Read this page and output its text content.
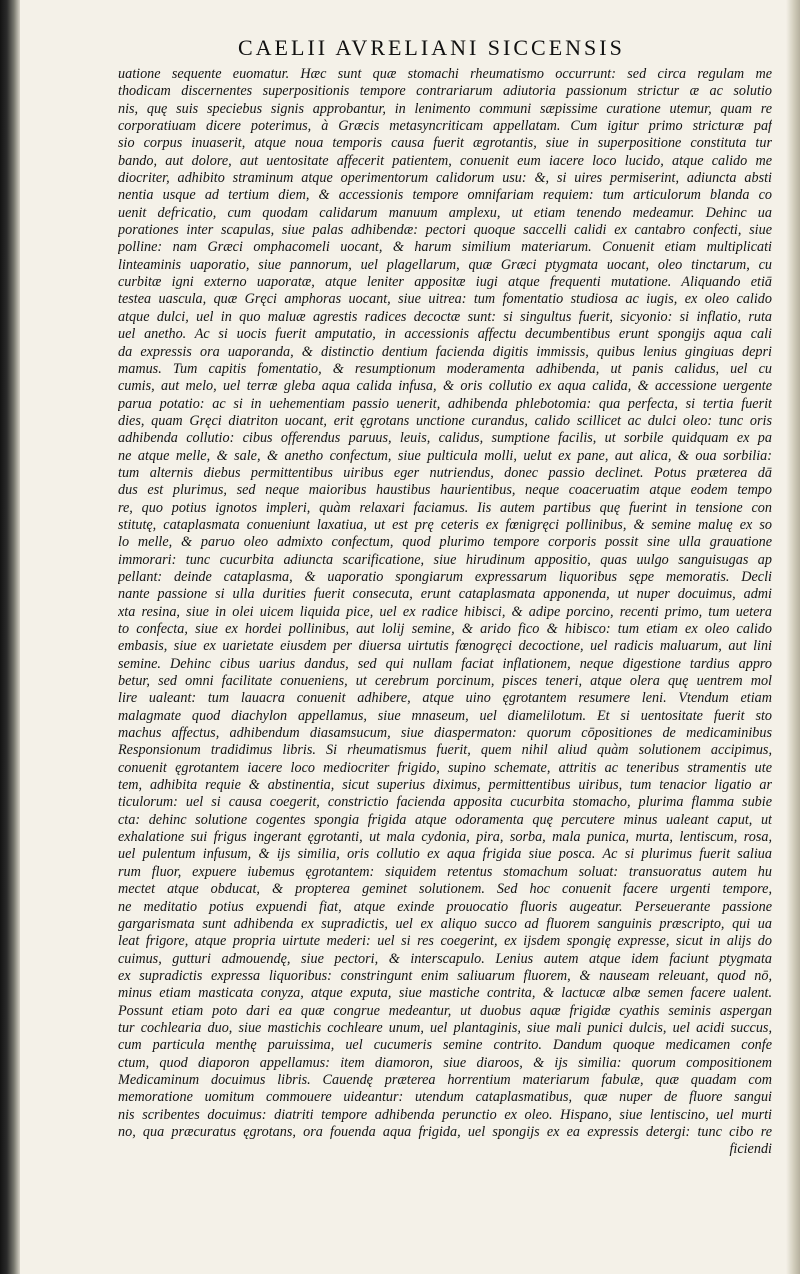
CAELII AVRELIANI SICCENSIS
uatione sequente euomatur. Hæc sunt quæ stomachi rheumatismo occurrunt: sed circa regulam me
thodicam discernentes superpositionis tempore contrariarum adiutoria passionum strictur æ ac solutio
nis, quę suis speciebus signis approbantur, in lenimento communi sæpissime curatione utemur, quam re
corporatiuam dicere poterimus, à Græcis metasyncriticam appellatam. Cum igitur primo stricturæ paf
sio corpus inuaserit, atque noua temporis causa fuerit ægrotantis, siue in superpositione constituta tur
bando, aut dolore, aut uentositate affecerit patientem, conuenit eum iacere loco lucido, atque calido me
diocriter, adhibito straminum atque operimentorum calidorum usu: &, si uires permiserint, adiuncta absti
nentia usque ad tertium diem, & accessionis tempore omnifariam requiem: tum articulorum blanda co
uenit defricatio, cum quodam calidarum manuum amplexu, ut etiam tenendo medeamur. Dehinc ua
porationes inter scapulas, siue palas adhibendæ: pectori quoque saccelli calidi ex cantabro confecti, siue
polline: nam Græci omphacomeli uocant, & harum similium materiarum. Conuenit etiam multiplicati
linteaminis uaporatio, siue pannorum, uel plagellarum, quæ Græci ptygmata uocant, oleo tinctarum, cu
curbitæ igni externo uaporatæ, atque leniter appositæ iugi atque frequenti mutatione. Aliquando etiā
testea uascula, quæ Gręci amphoras uocant, siue uitrea: tum fomentatio studiosa ac iugis, ex oleo calido
atque dulci, uel in quo maluæ agrestis radices decoctæ sunt: si singultus fuerit, sicyonio: si inflatio, ruta
uel anetho. Ac si uocis fuerit amputatio, in accessionis affectu decumbentibus erunt spongijs aqua cali
da expressis ora uaporanda, & distinctio dentium facienda digitis immissis, quibus lenius gingiuas depri
mamus. Tum capitis fomentatio, & resumptionum moderamenta adhibenda, ut panis calidus, uel cu
cumis, aut melo, uel terræ gleba aqua calida infusa, & oris collutio ex aqua calida, & accessione uergente
parua potatio: ac si in uehementiam passio uenerit, adhibenda phlebotomia: qua perfecta, si tertia fuerit
dies, quam Gręci diatriton uocant, erit ęgrotans unctione curandus, calido scillicet ac dulci oleo: tunc oris
adhibenda collutio: cibus offerendus paruus, leuis, calidus, sumptione facilis, ut sorbile quidquam ex pa
ne atque melle, & sale, & anetho confectum, siue pulticula molli, uelut ex pane, aut alica, & oua sorbilia:
tum alternis diebus permittentibus uiribus eger nutriendus, donec passio declinet. Potus præterea dā
dus est plurimus, sed neque maioribus haustibus haurientibus, neque coaceruatim atque eodem tempo
re, quo potius ignotos impleri, quàm relaxari faciamus. Iis autem partibus quę fuerint in tensione con
stitutę, cataplasmata conueniunt laxatiua, ut est prę ceteris ex fœnigręci pollinibus, & semine maluę ex so
lo melle, & paruo oleo admixto confectum, quod plurimo tempore corporis possit sine ulla grauatione
immorari: tunc cucurbita adiuncta scarificatione, siue hirudinum appositio, quas uulgo sanguisugas ap
pellant: deinde cataplasma, & uaporatio spongiarum expressarum liquoribus sępe memoratis. Decli
nante passione si ulla durities fuerit consecuta, erunt cataplasmata apponenda, ut nuper docuimus, admi
xta resina, siue in olei uicem liquida pice, uel ex radice hibisci, & adipe porcino, recenti primo, tum uetera
to confecta, siue ex hordei pollinibus, aut lolij semine, & arido fico & hibisco: tum etiam ex oleo calido
embasis, siue ex uarietate eiusdem per diuersa uirtutis fœnogręci decoctione, uel radicis maluarum, aut lini
semine. Dehinc cibus uarius dandus, sed qui nullam faciat inflationem, neque digestione tardius appro
betur, sed omni facilitate conueniens, ut cerebrum porcinum, pisces teneri, atque olera quę uentrem mol
lire ualeant: tum lauacra conuenit adhibere, atque uino ęgrotantem resumere leni. Vtendum etiam
malagmate quod diachylon appellamus, siue mnaseum, uel diamelilotum. Et si uentositate fuerit sto
machus affectus, adhibendum diasamsucum, siue diaspermaton: quorum cōpositiones de medicaminibus
Responsionum tradidimus libris. Si rheumatismus fuerit, quem nihil aliud quàm solutionem accipimus,
conuenit ęgrotantem iacere loco mediocriter frigido, supino schemate, attritis ac teneribus stramentis ute
tem, adhibita requie & abstinentia, sicut superius diximus, permittentibus uiribus, tum tenacior ligatio ar
ticulorum: uel si causa coegerit, constrictio facienda apposita cucurbita stomacho, plurima flamma subie
cta: dehinc solutione cogentes spongia frigida atque odoramenta quę percutere minus ualeant caput, ut
exhalatione sui frigus ingerant ęgrotanti, ut mala cydonia, pira, sorba, mala punica, murta, lentiscum, rosa,
uel pulentum infusum, & ijs similia, oris collutio ex aqua frigida siue posca. Ac si plurimus fuerit saliua
rum fluor, expuere iubemus ęgrotantem: siquidem retentus stomachum soluat: transuoratus autem hu
mectet atque obducat, & propterea geminet solutionem. Sed hoc conuenit facere urgenti tempore,
ne meditatio potius expuendi fiat, atque exinde prouocatio fluoris augeatur. Perseuerante passione
gargarismata sunt adhibenda ex supradictis, uel ex aliquo succo ad fluorem sanguinis præscripto, qui ua
leat frigore, atque propria uirtute mederi: uel si res coegerint, ex ijsdem spongię expresse, sicut in alijs do
cuimus, gutturi admouendę, siue pectori, & interscapulo. Lenius autem atque idem faciunt ptygmata
ex supradictis expressa liquoribus: constringunt enim saliuarum fluorem, & nauseam releuant, quod nō,
minus etiam masticata conyza, atque exputa, siue mastiche contrita, & lactucæ albæ semen facere ualent.
Possunt etiam poto dari ea quæ congrue medeantur, ut duobus aquæ frigidæ cyathis seminis aspergan
tur cochlearia duo, siue mastichis cochleare unum, uel plantaginis, siue mali punici dulcis, uel acidi succus,
cum particula menthę paruissima, uel cucumeris semine contrito. Dandum quoque medicamen confe
ctum, quod diaporon appellamus: item diamoron, siue diaroos, & ijs similia: quorum compositionem
Medicaminum docuimus libris. Cauendę præterea horrentium materiarum fabulæ, quæ quadam com
memoratione uomitum commouere uideantur: utendum cataplasmatibus, quæ nuper de fluore sangui
nis scribentes docuimus: diatriti tempore adhibenda perunctio ex oleo. Hispano, siue lentiscino, uel murti
no, qua præcuratus ęgrotans, ora fouenda aqua frigida, uel spongijs ex ea expressis detergi: tunc cibo re
ficiendi
